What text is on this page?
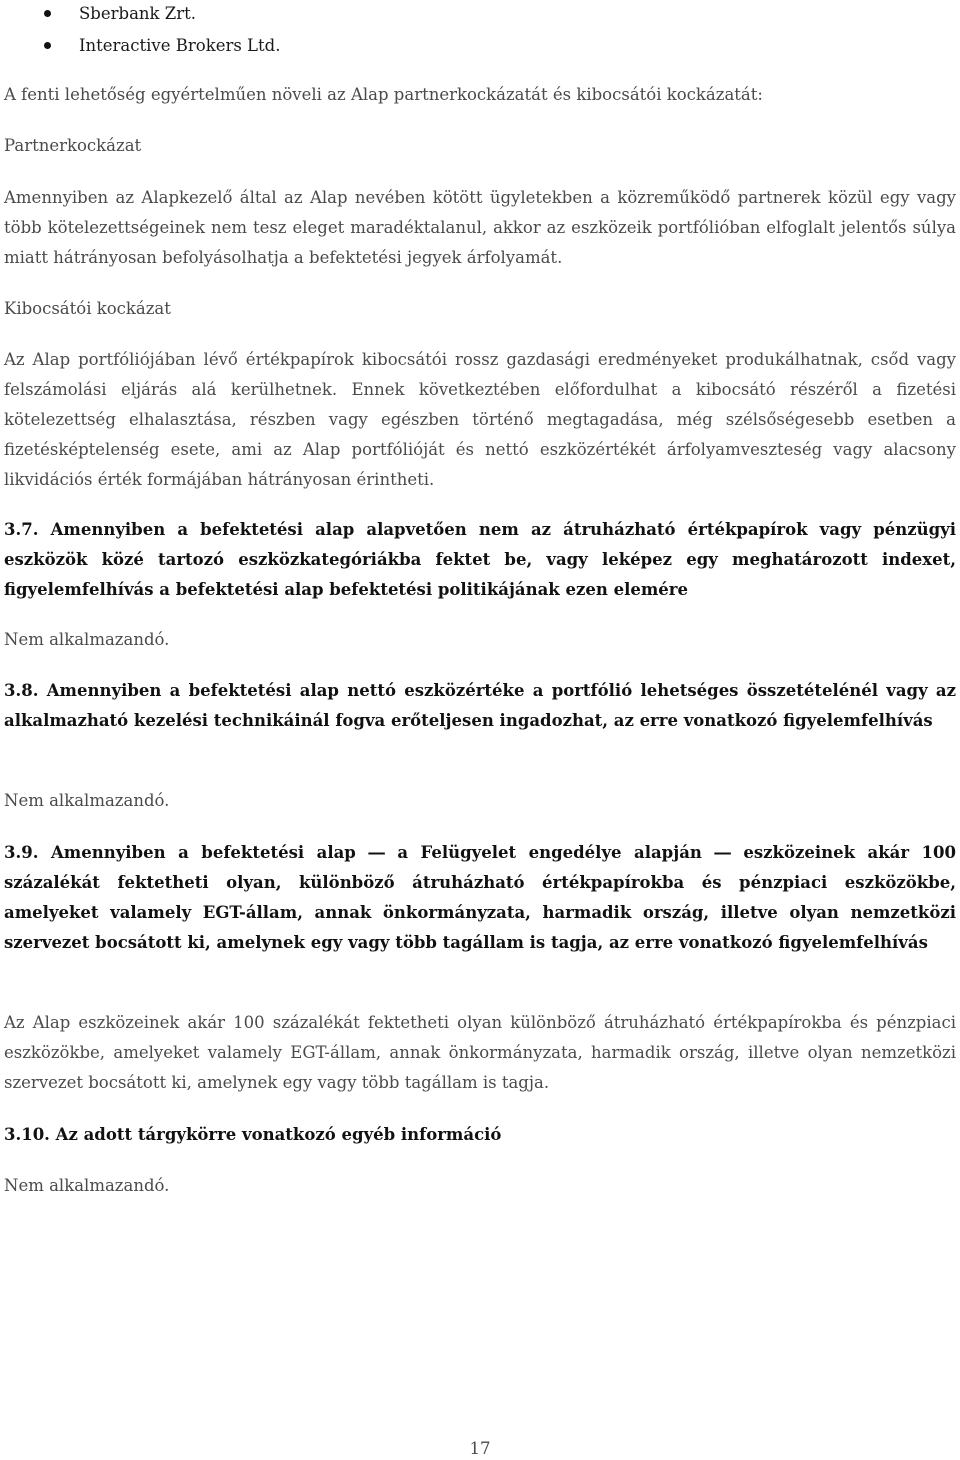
Sberbank Zrt.
Interactive Brokers Ltd.

A fenti lehetőség egyértelműen növeli az Alap partnerkockázatát és kibocsátói kockázatát:

Partnerkockázat

Amennyiben az Alapkezelő által az Alap nevében kötött ügyletekben a közreműködő partnerek közül egy vagy több kötelezettségeinek nem tesz eleget maradéktalanul, akkor az eszközeik portfólióban elfoglalt jelentős súlya miatt hátrányosan befolyásolhatja a befektetési jegyek árfolyamát.

Kibocsátói kockázat

Az Alap portfóliójában lévő értékpapírok kibocsátói rossz gazdasági eredményeket produkálhatnak, csőd vagy felszámolási eljárás alá kerülhetnek. Ennek következtében előfordulhat a kibocsátó részéről a fizetési kötelezettség elhalasztása, részben vagy egészben történő megtagadása, még szélsőségesebb esetben a fizetésképtelenség esete, ami az Alap portfólióját és nettó eszközértékét árfolyamveszteség vagy alacsony likvidációs érték formájában hátrányosan érintheti.

3.7. Amennyiben a befektetési alap alapvetően nem az átruházható értékpapírok vagy pénzügyi eszközök közé tartozó eszközkategóriákba fektet be, vagy leképez egy meghatározott indexet, figyelemfelhívás a befektetési alap befektetési politikájának ezen elemére

Nem alkalmazandó.

3.8. Amennyiben a befektetési alap nettó eszközértéke a portfólió lehetséges összetételénél vagy az alkalmazható kezelési technikáinál fogva erőteljesen ingadozhat, az erre vonatkozó figyelemfelhívás

Nem alkalmazandó.

3.9. Amennyiben a befektetési alap ― a Felügyelet engedélye alapján ― eszközeinek akár 100 százalékát fektetheti olyan, különböző átruházható értékpapírokba és pénzpiaci eszközökbe, amelyeket valamely EGT-állam, annak önkormányzata, harmadik ország, illetve olyan nemzetközi szervezet bocsátott ki, amelynek egy vagy több tagállam is tagja, az erre vonatkozó figyelemfelhívás

Az Alap eszközeinek akár 100 százalékát fektetheti olyan különböző átruházható értékpapírokba és pénzpiaci eszközökbe, amelyeket valamely EGT-állam, annak önkormányzata, harmadik ország, illetve olyan nemzetközi szervezet bocsátott ki, amelynek egy vagy több tagállam is tagja.

3.10. Az adott tárgykörre vonatkozó egyéb információ

Nem alkalmazandó.

17
